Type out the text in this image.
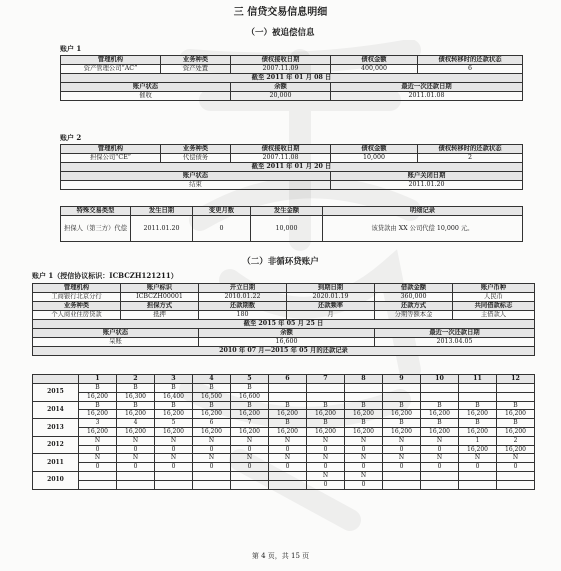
三 信贷交易信息明细
（一）被追偿信息
账户 1
管理机构	业务种类	债权接收日期	债权金额	债权转移时的还款状态
资产管理公司“AC”	资产处置	2007.11.09	400,000	6
截至 2011 年 01 月 08 日				
账户状态		余额	最近一次还款日期	
催收		20,000	2011.01.08	
账户 2
管理机构	业务种类	债权接收日期	债权金额	债权转移时的还款状态
担保公司“CE”	代偿债务	2007.11.08	10,000	2
截至 2011 年 01 月 20 日				
账户状态			账户关闭日期	
结束			2011.01.20	
特殊交易类型	发生日期	变更月数	发生金额	明细记录
担保人（第三方）代偿	2011.01.20	0	10,000	该贷款由 XX 公司代偿 10,000 元。
（二）非循环贷账户
账户 1（授信协议标识：ICBCZH121211）
管理机构	账户标识	开立日期	到期日期	借款金额	账户币种
工商银行北京分行	ICBCZH00001	2010.01.22	2020.01.19	360,000	人民币
业务种类	担保方式	还款期数	还款频率	还款方式	共同借款标志
个人商业住房贷款	抵押	180	月	分期等额本金	主借款人
截至 2015 年 05 月 25 日					
账户状态		余额		最近一次还款日期	
呆账		16,600		2013.04.05	
2010 年 07 月—2015 年 05 月的还款记录					
	1	2	3	4	5	6	7	8	9	10	11	12
2015	B	B	B	B	B							
	16,200	16,300	16,400	16,500	16,600							
2014	B	B	B	B	B	B	B	B	B	B	B	B
	16,200	16,200	16,200	16,200	16,200	16,200	16,200	16,200	16,200	16,200	16,200	16,200
2013	3	4	5	6	7	B	B	B	B	B	B	B
	16,200	16,200	16,200	16,200	16,200	16,200	16,200	16,200	16,200	16,200	16,200	16,200
2012	N	N	N	N	N	N	N	N	N	N	1	2
	0	0	0	0	0	0	0	0	0	0	16,200	16,200
2011	N	N	N	N	N	N	N	N	N	N	N	N
	0	0	0	0	0	0	0	0	0	0	0	0
2010							N	N				
							0	0				
第 4 页，共 15 页
